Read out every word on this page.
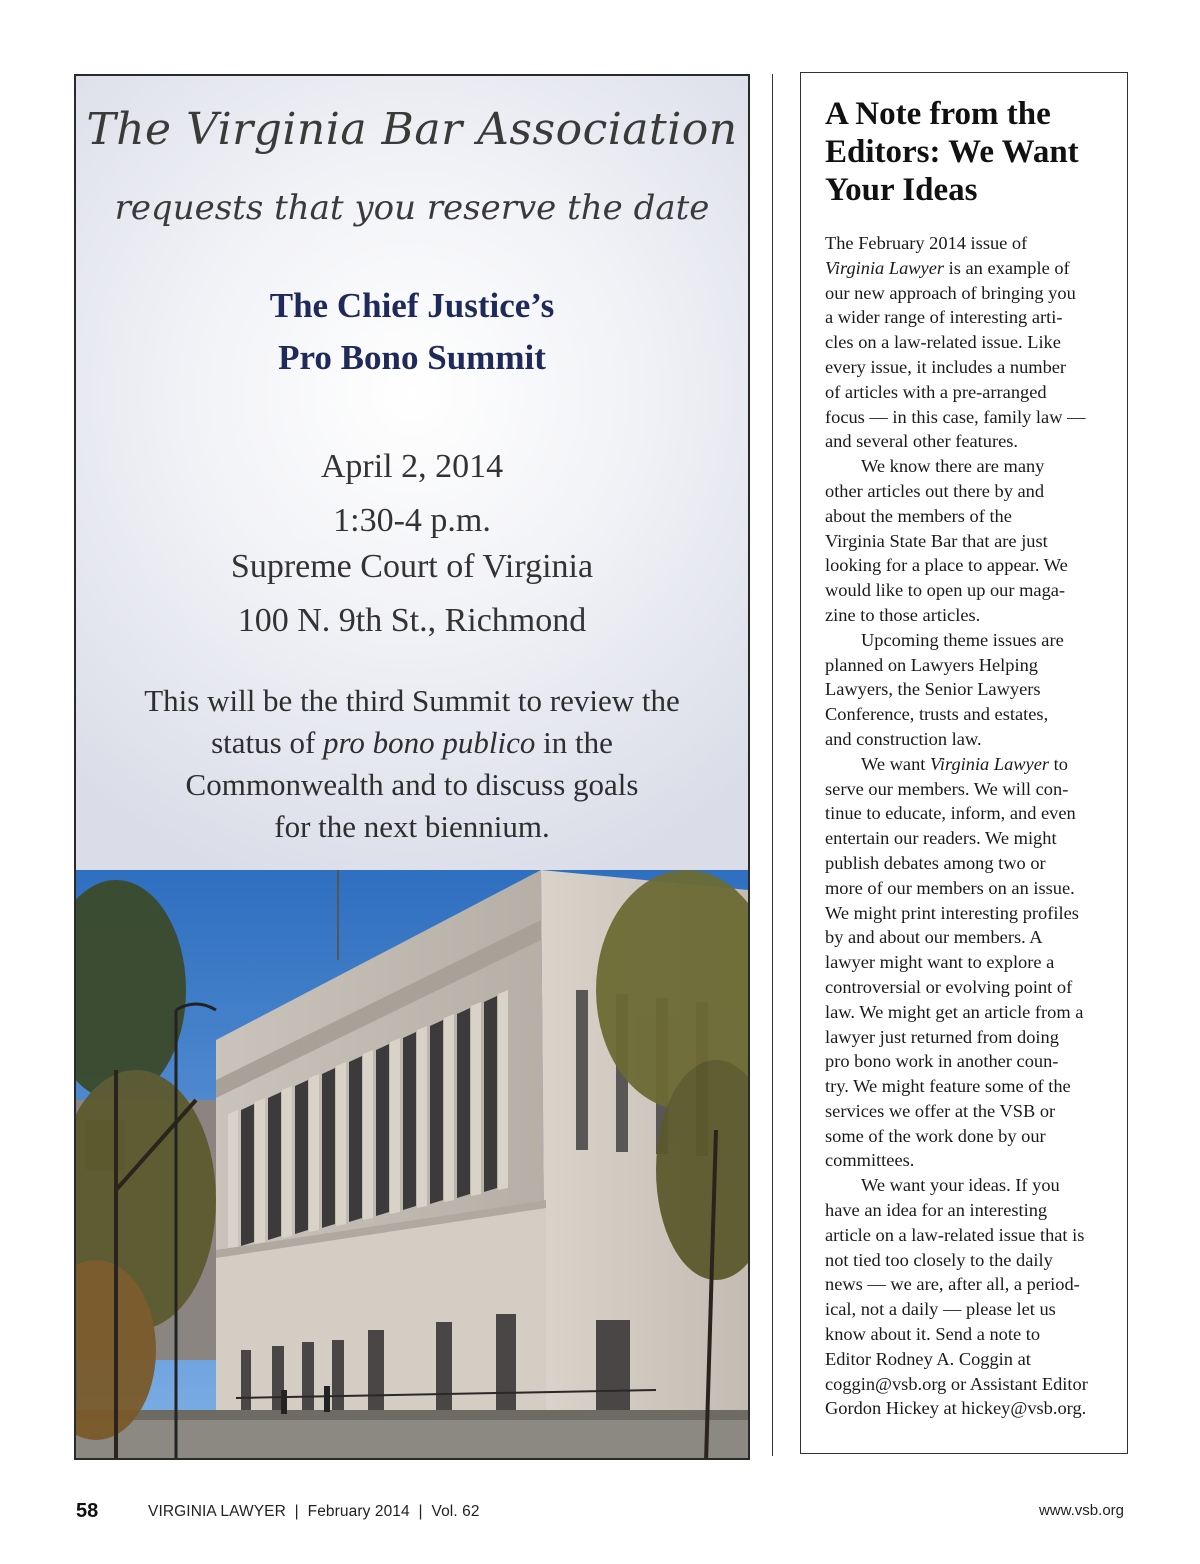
The Virginia Bar Association
requests that you reserve the date
The Chief Justice’s
Pro Bono Summit
April 2, 2014
1:30-4 p.m.
Supreme Court of Virginia
100 N. 9th St., Richmond
This will be the third Summit to review the
status of pro bono publico in the
Commonwealth and to discuss goals
for the next biennium.
A Note from the
Editors: We Want
Your Ideas

The February 2014 issue of
Virginia Lawyer is an example of
our new approach of bringing you
a wider range of interesting arti-
cles on a law-related issue. Like
every issue, it includes a number
of articles with a pre-arranged
focus — in this case, family law —
and several other features.

We know there are many
other articles out there by and
about the members of the
Virginia State Bar that are just
looking for a place to appear. We
would like to open up our maga-
zine to those articles.

Upcoming theme issues are
planned on Lawyers Helping
Lawyers, the Senior Lawyers
Conference, trusts and estates,
and construction law.

We want Virginia Lawyer to
serve our members. We will con-
tinue to educate, inform, and even
entertain our readers. We might
publish debates among two or
more of our members on an issue.
We might print interesting profiles
by and about our members. A
lawyer might want to explore a
controversial or evolving point of
law. We might get an article from a
lawyer just returned from doing
pro bono work in another coun-
try. We might feature some of the
services we offer at the VSB or
some of the work done by our
committees.

We want your ideas. If you
have an idea for an interesting
article on a law-related issue that is
not tied too closely to the daily
news — we are, after all, a period-
ical, not a daily — please let us
know about it. Send a note to
Editor Rodney A. Coggin at
coggin@vsb.org or Assistant Editor
Gordon Hickey at hickey@vsb.org.

58	VIRGINIA LAWYER  |  February 2014  |  Vol. 62	www.vsb.org
